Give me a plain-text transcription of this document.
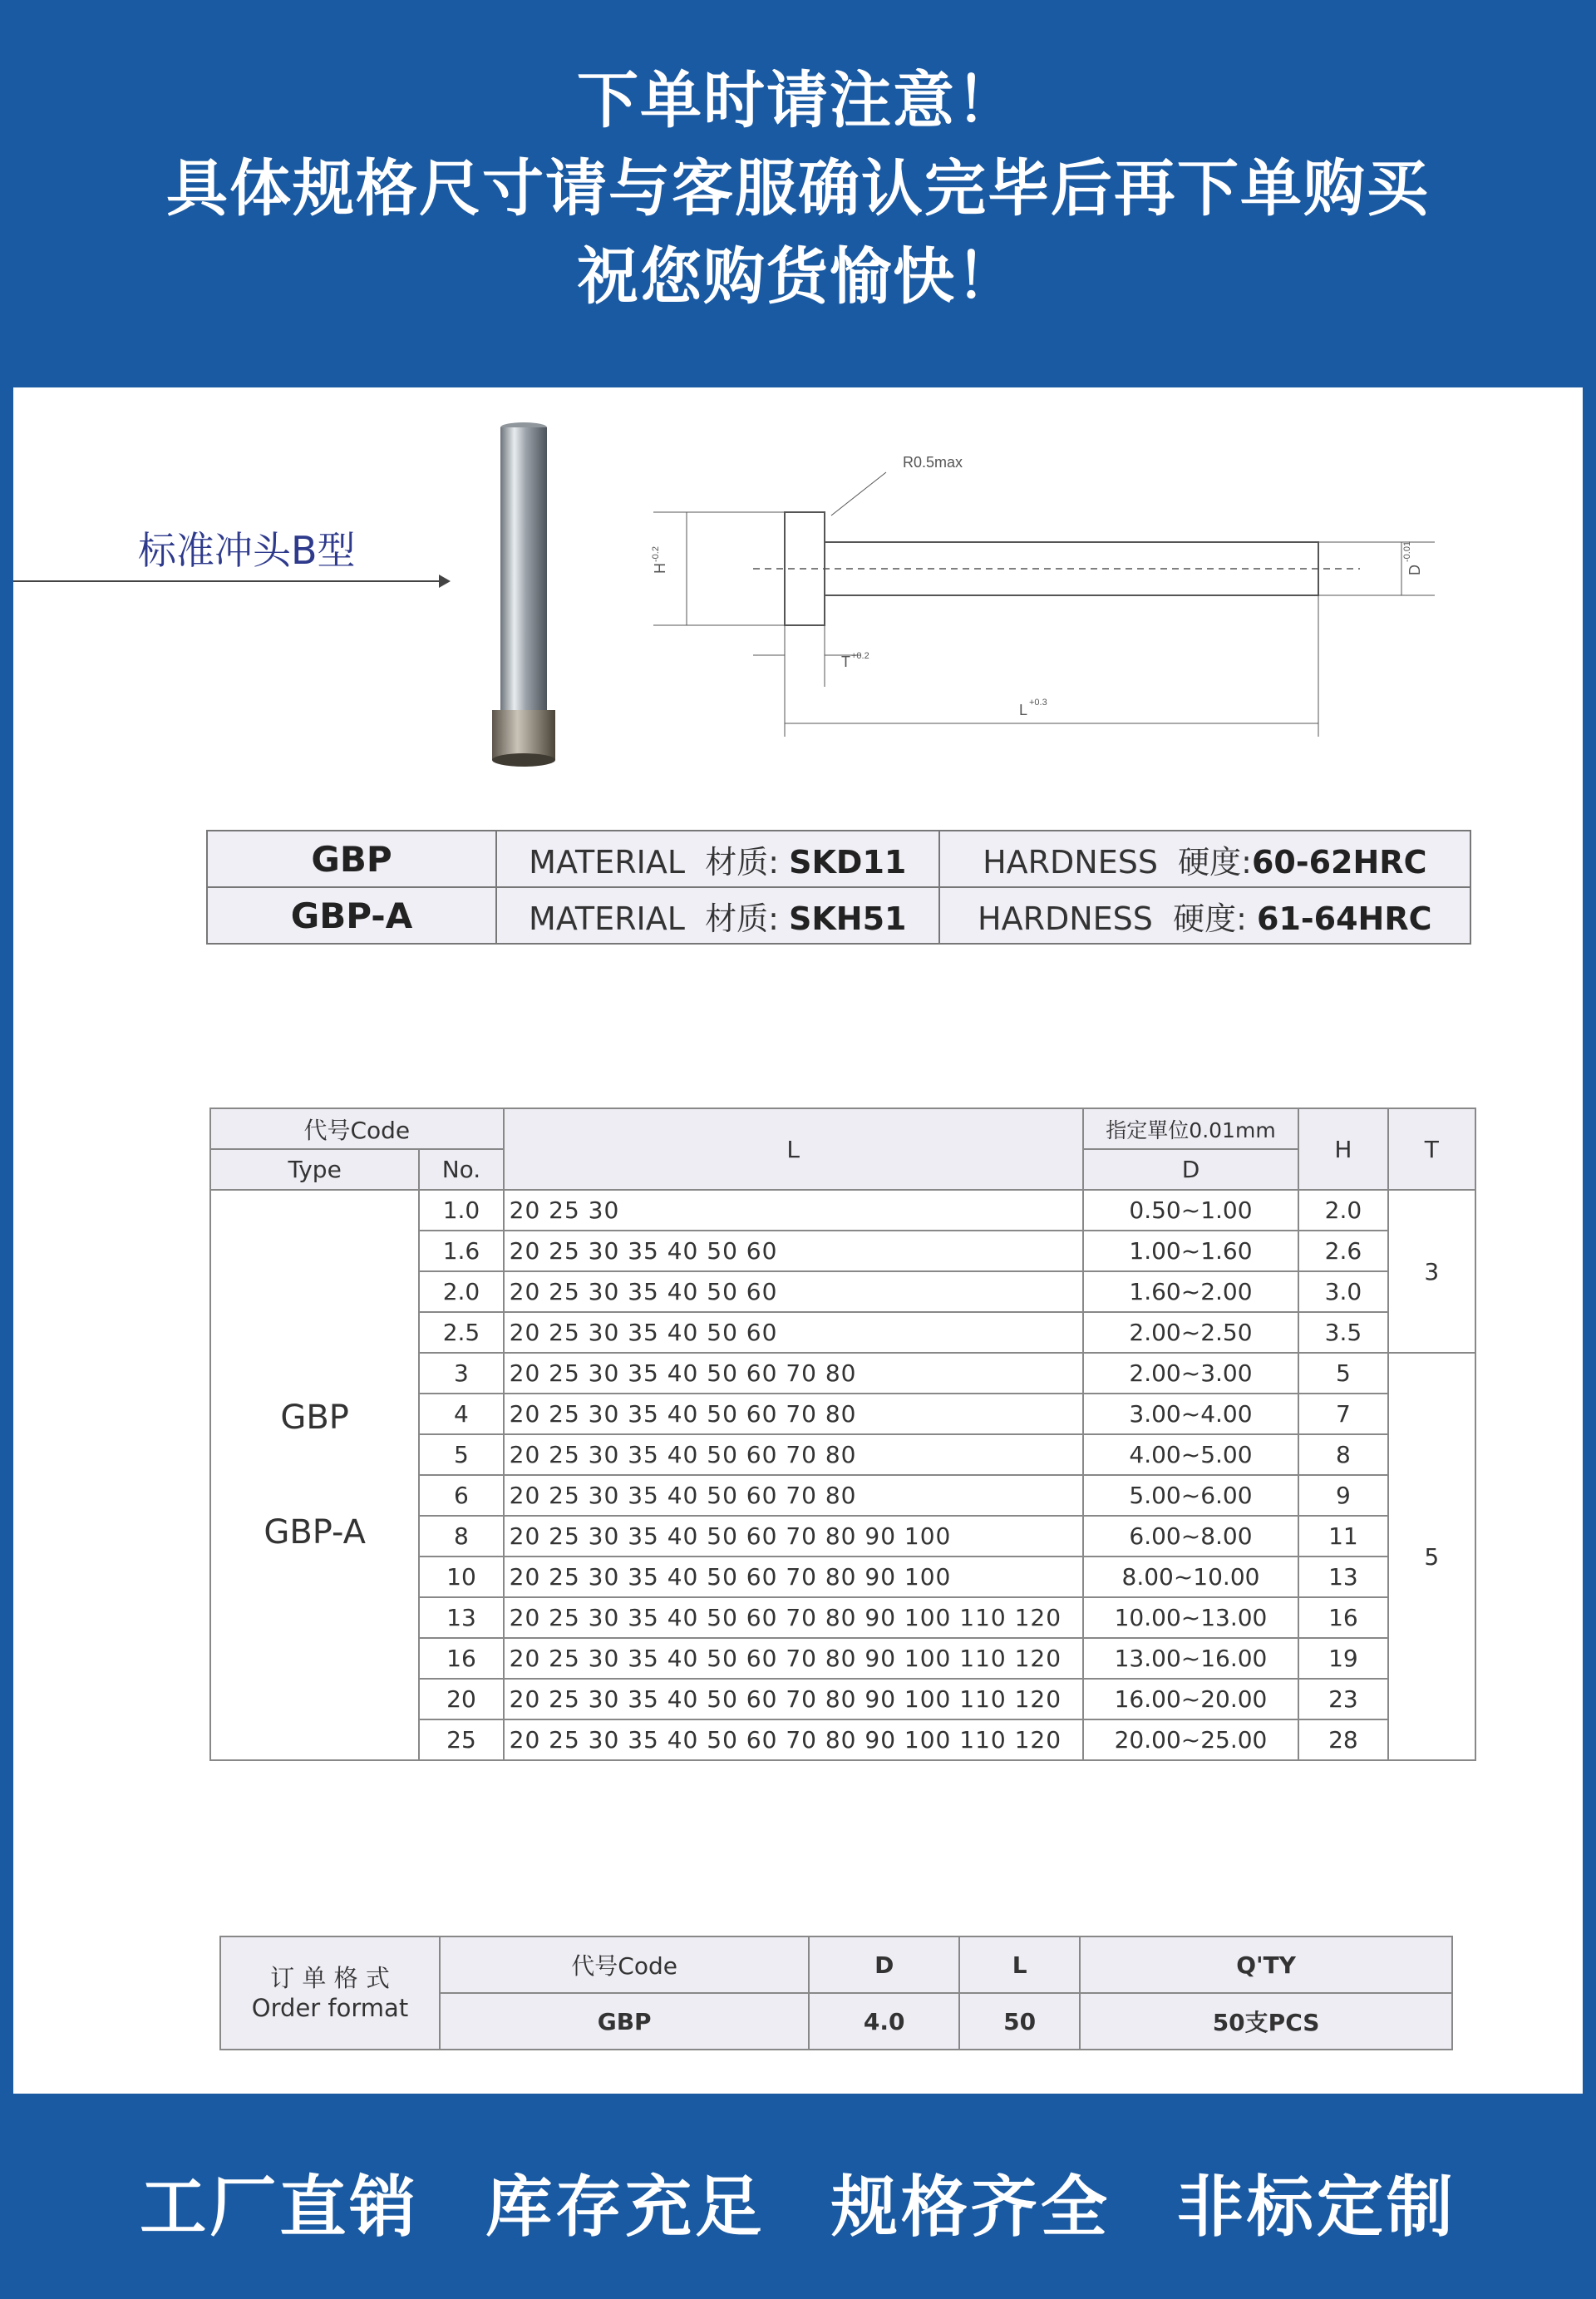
下单时请注意！
具体规格尺寸请与客服确认完毕后再下单购买
祝您购货愉快！
标准冲头B型
R0.5max
H
-0.2
D
-0.01
T +0.2
L +0.3
GBP	MATERIAL 材质: SKD11	HARDNESS 硬度:60-62HRC
GBP-A	MATERIAL 材质: SKH51	HARDNESS 硬度: 61-64HRC
代号Code		L	指定單位0.01mm	H	T
Type	No.		D		

GBP
GBP-A	1.0	20 25 30	0.50~1.00	2.0	3
	1.6	20 25 30 35 40 50 60	1.00~1.60	2.6	
	2.0	20 25 30 35 40 50 60	1.60~2.00	3.0	
	2.5	20 25 30 35 40 50 60	2.00~2.50	3.5	
	3	20 25 30 35 40 50 60 70 80	2.00~3.00	5	5
	4	20 25 30 35 40 50 60 70 80	3.00~4.00	7	
	5	20 25 30 35 40 50 60 70 80	4.00~5.00	8	
	6	20 25 30 35 40 50 60 70 80	5.00~6.00	9	
	8	20 25 30 35 40 50 60 70 80 90 100	6.00~8.00	11	
	10	20 25 30 35 40 50 60 70 80 90 100	8.00~10.00	13	
	13	20 25 30 35 40 50 60 70 80 90 100 110 120	10.00~13.00	16	
	16	20 25 30 35 40 50 60 70 80 90 100 110 120	13.00~16.00	19	
	20	20 25 30 35 40 50 60 70 80 90 100 110 120	16.00~20.00	23	
	25	20 25 30 35 40 50 60 70 80 90 100 110 120	20.00~25.00	28	
订 单 格 式
Order format	代号Code	D	L	Q'TY
	GBP	4.0	50	50支PCS
工厂直销 库存充足 规格齐全 非标定制
